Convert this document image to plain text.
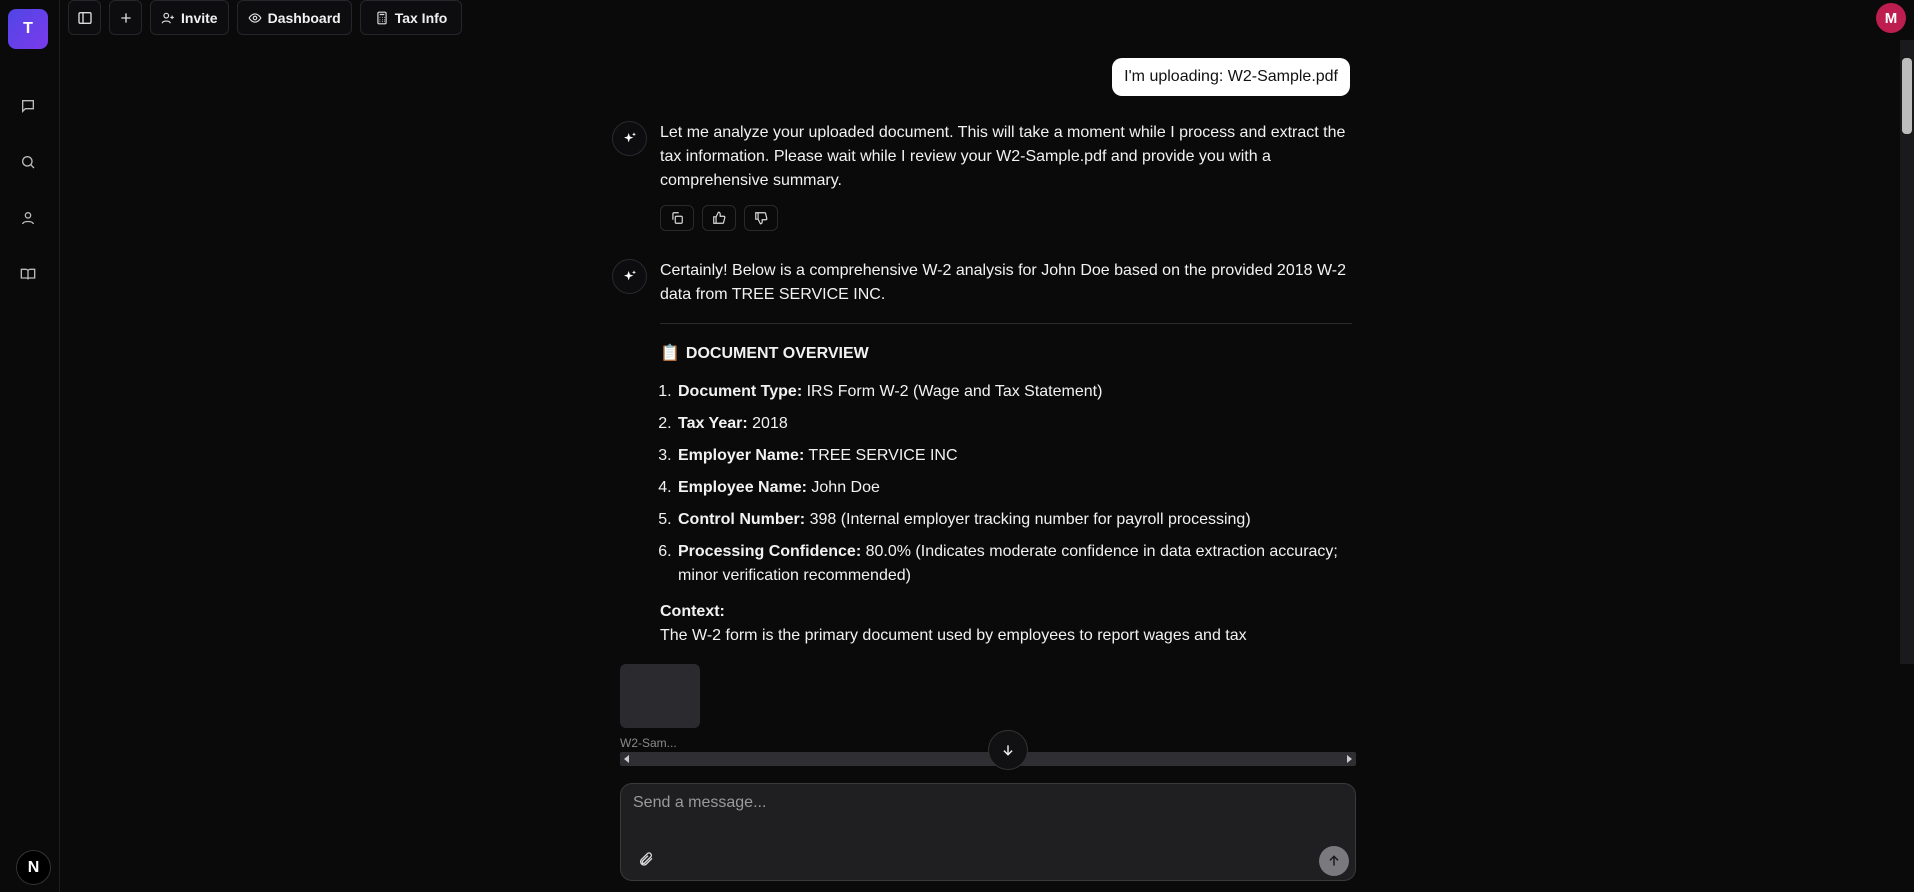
T
N
Invite	Dashboard	Tax Info	M
I'm uploading: W2-Sample.pdf

Let me analyze your uploaded document. This will take a moment while I process and extract the tax information. Please wait while I review your W2-Sample.pdf and provide you with a comprehensive summary.

Certainly! Below is a comprehensive W-2 analysis for John Doe based on the provided 2018 W-2 data from TREE SERVICE INC.

📋 DOCUMENT OVERVIEW
1. Document Type: IRS Form W-2 (Wage and Tax Statement)
2. Tax Year: 2018
3. Employer Name: TREE SERVICE INC
4. Employee Name: John Doe
5. Control Number: 398 (Internal employer tracking number for payroll processing)
6. Processing Confidence: 80.0% (Indicates moderate confidence in data extraction accuracy; minor verification recommended)
Context:

The W-2 form is the primary document used by employees to report wages and tax

W2-Sam...
Send a message...
